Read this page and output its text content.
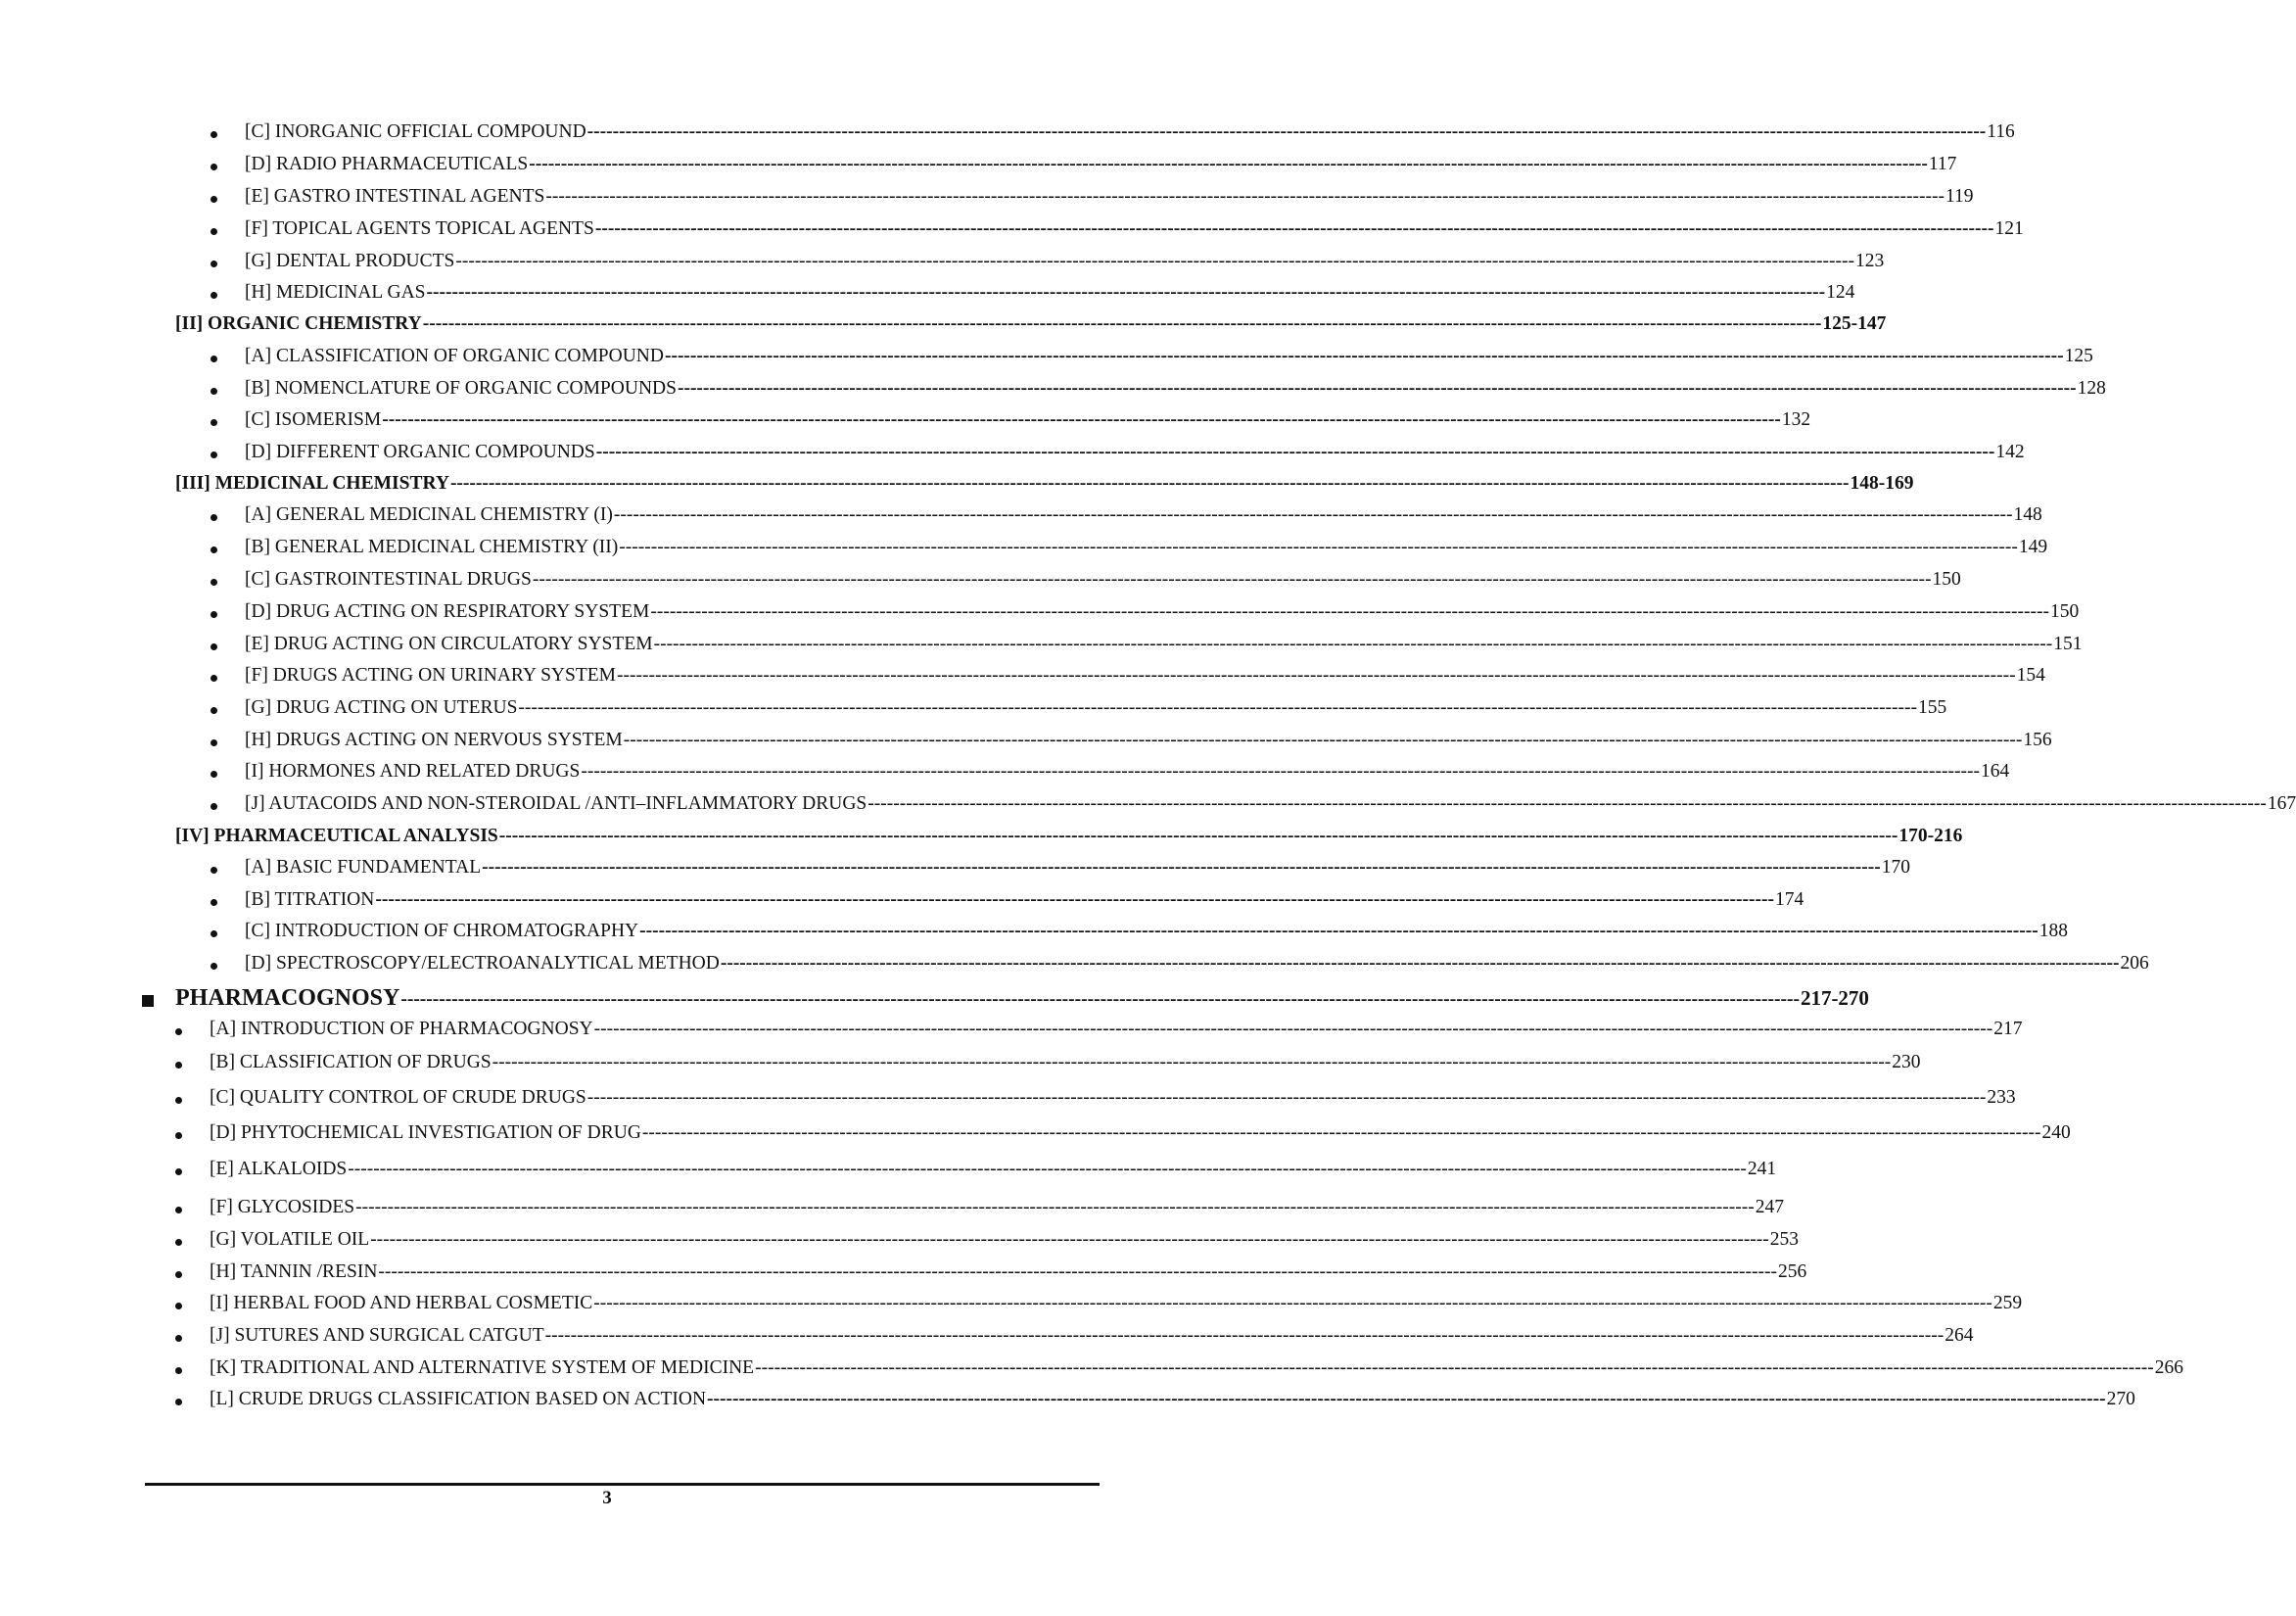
[C] INORGANIC OFFICIAL COMPOUND ---------------------------------------------------------------------------------------------------------------------------------------------------------------------------------------------------------------------------- 116
[D] RADIO PHARMACEUTICALS ---------------------------------------------------------------------------------------------------------------------------------------------------------------------------------------------------------------------------- 117
[E] GASTRO INTESTINAL AGENTS ---------------------------------------------------------------------------------------------------------------------------------------------------------------------------------------------------------------------------- 119
[F] TOPICAL AGENTS TOPICAL AGENTS ---------------------------------------------------------------------------------------------------------------------------------------------------------------------------------------------------------------------------- 121
[G] DENTAL PRODUCTS ---------------------------------------------------------------------------------------------------------------------------------------------------------------------------------------------------------------------------- 123
[H] MEDICINAL GAS ---------------------------------------------------------------------------------------------------------------------------------------------------------------------------------------------------------------------------- 124
[II] ORGANIC CHEMISTRY ---------------------------------------------------------------------------------------------------------------------------------------------------------------------------------------------------------------------------- 125-147
[A] CLASSIFICATION OF ORGANIC COMPOUND ---------------------------------------------------------------------------------------------------------------------------------------------------------------------------------------------------------------------------- 125
[B] NOMENCLATURE OF ORGANIC COMPOUNDS ---------------------------------------------------------------------------------------------------------------------------------------------------------------------------------------------------------------------------- 128
[C] ISOMERISM ---------------------------------------------------------------------------------------------------------------------------------------------------------------------------------------------------------------------------- 132
[D] DIFFERENT ORGANIC COMPOUNDS ---------------------------------------------------------------------------------------------------------------------------------------------------------------------------------------------------------------------------- 142
[III] MEDICINAL CHEMISTRY ---------------------------------------------------------------------------------------------------------------------------------------------------------------------------------------------------------------------------- 148-169
[A] GENERAL MEDICINAL CHEMISTRY (I) ---------------------------------------------------------------------------------------------------------------------------------------------------------------------------------------------------------------------------- 148
[B] GENERAL MEDICINAL CHEMISTRY (II) ---------------------------------------------------------------------------------------------------------------------------------------------------------------------------------------------------------------------------- 149
[C] GASTROINTESTINAL DRUGS ---------------------------------------------------------------------------------------------------------------------------------------------------------------------------------------------------------------------------- 150
[D] DRUG ACTING ON RESPIRATORY SYSTEM ---------------------------------------------------------------------------------------------------------------------------------------------------------------------------------------------------------------------------- 150
[E] DRUG ACTING ON CIRCULATORY SYSTEM ---------------------------------------------------------------------------------------------------------------------------------------------------------------------------------------------------------------------------- 151
[F] DRUGS ACTING ON URINARY SYSTEM ---------------------------------------------------------------------------------------------------------------------------------------------------------------------------------------------------------------------------- 154
[G] DRUG ACTING ON UTERUS ---------------------------------------------------------------------------------------------------------------------------------------------------------------------------------------------------------------------------- 155
[H] DRUGS ACTING ON NERVOUS SYSTEM ---------------------------------------------------------------------------------------------------------------------------------------------------------------------------------------------------------------------------- 156
[I] HORMONES AND RELATED DRUGS ---------------------------------------------------------------------------------------------------------------------------------------------------------------------------------------------------------------------------- 164
[J] AUTACOIDS AND NON-STEROIDAL /ANTI–INFLAMMATORY DRUGS ---------------------------------------------------------------------------------------------------------------------------------------------------------------------------------------------------------------------------- 167
[IV] PHARMACEUTICAL ANALYSIS ---------------------------------------------------------------------------------------------------------------------------------------------------------------------------------------------------------------------------- 170-216
[A] BASIC FUNDAMENTAL ---------------------------------------------------------------------------------------------------------------------------------------------------------------------------------------------------------------------------- 170
[B] TITRATION ---------------------------------------------------------------------------------------------------------------------------------------------------------------------------------------------------------------------------- 174
[C] INTRODUCTION OF CHROMATOGRAPHY ---------------------------------------------------------------------------------------------------------------------------------------------------------------------------------------------------------------------------- 188
[D] SPECTROSCOPY/ELECTROANALYTICAL METHOD ---------------------------------------------------------------------------------------------------------------------------------------------------------------------------------------------------------------------------- 206
PHARMACOGNOSY ---------------------------------------------------------------------------------------------------------------------------------------------------------------------------------------------------------------------------- 217-270
[A] INTRODUCTION OF PHARMACOGNOSY ---------------------------------------------------------------------------------------------------------------------------------------------------------------------------------------------------------------------------- 217
[B] CLASSIFICATION OF DRUGS ---------------------------------------------------------------------------------------------------------------------------------------------------------------------------------------------------------------------------- 230
[C] QUALITY CONTROL OF CRUDE DRUGS ---------------------------------------------------------------------------------------------------------------------------------------------------------------------------------------------------------------------------- 233
[D] PHYTOCHEMICAL INVESTIGATION OF DRUG ---------------------------------------------------------------------------------------------------------------------------------------------------------------------------------------------------------------------------- 240
[E] ALKALOIDS ---------------------------------------------------------------------------------------------------------------------------------------------------------------------------------------------------------------------------- 241
[F] GLYCOSIDES ---------------------------------------------------------------------------------------------------------------------------------------------------------------------------------------------------------------------------- 247
[G] VOLATILE OIL ---------------------------------------------------------------------------------------------------------------------------------------------------------------------------------------------------------------------------- 253
[H] TANNIN /RESIN ---------------------------------------------------------------------------------------------------------------------------------------------------------------------------------------------------------------------------- 256
[I] HERBAL FOOD AND HERBAL COSMETIC ---------------------------------------------------------------------------------------------------------------------------------------------------------------------------------------------------------------------------- 259
[J] SUTURES AND SURGICAL CATGUT ---------------------------------------------------------------------------------------------------------------------------------------------------------------------------------------------------------------------------- 264
[K] TRADITIONAL AND ALTERNATIVE SYSTEM OF MEDICINE ---------------------------------------------------------------------------------------------------------------------------------------------------------------------------------------------------------------------------- 266
[L] CRUDE DRUGS CLASSIFICATION BASED ON ACTION ---------------------------------------------------------------------------------------------------------------------------------------------------------------------------------------------------------------------------- 270
3
